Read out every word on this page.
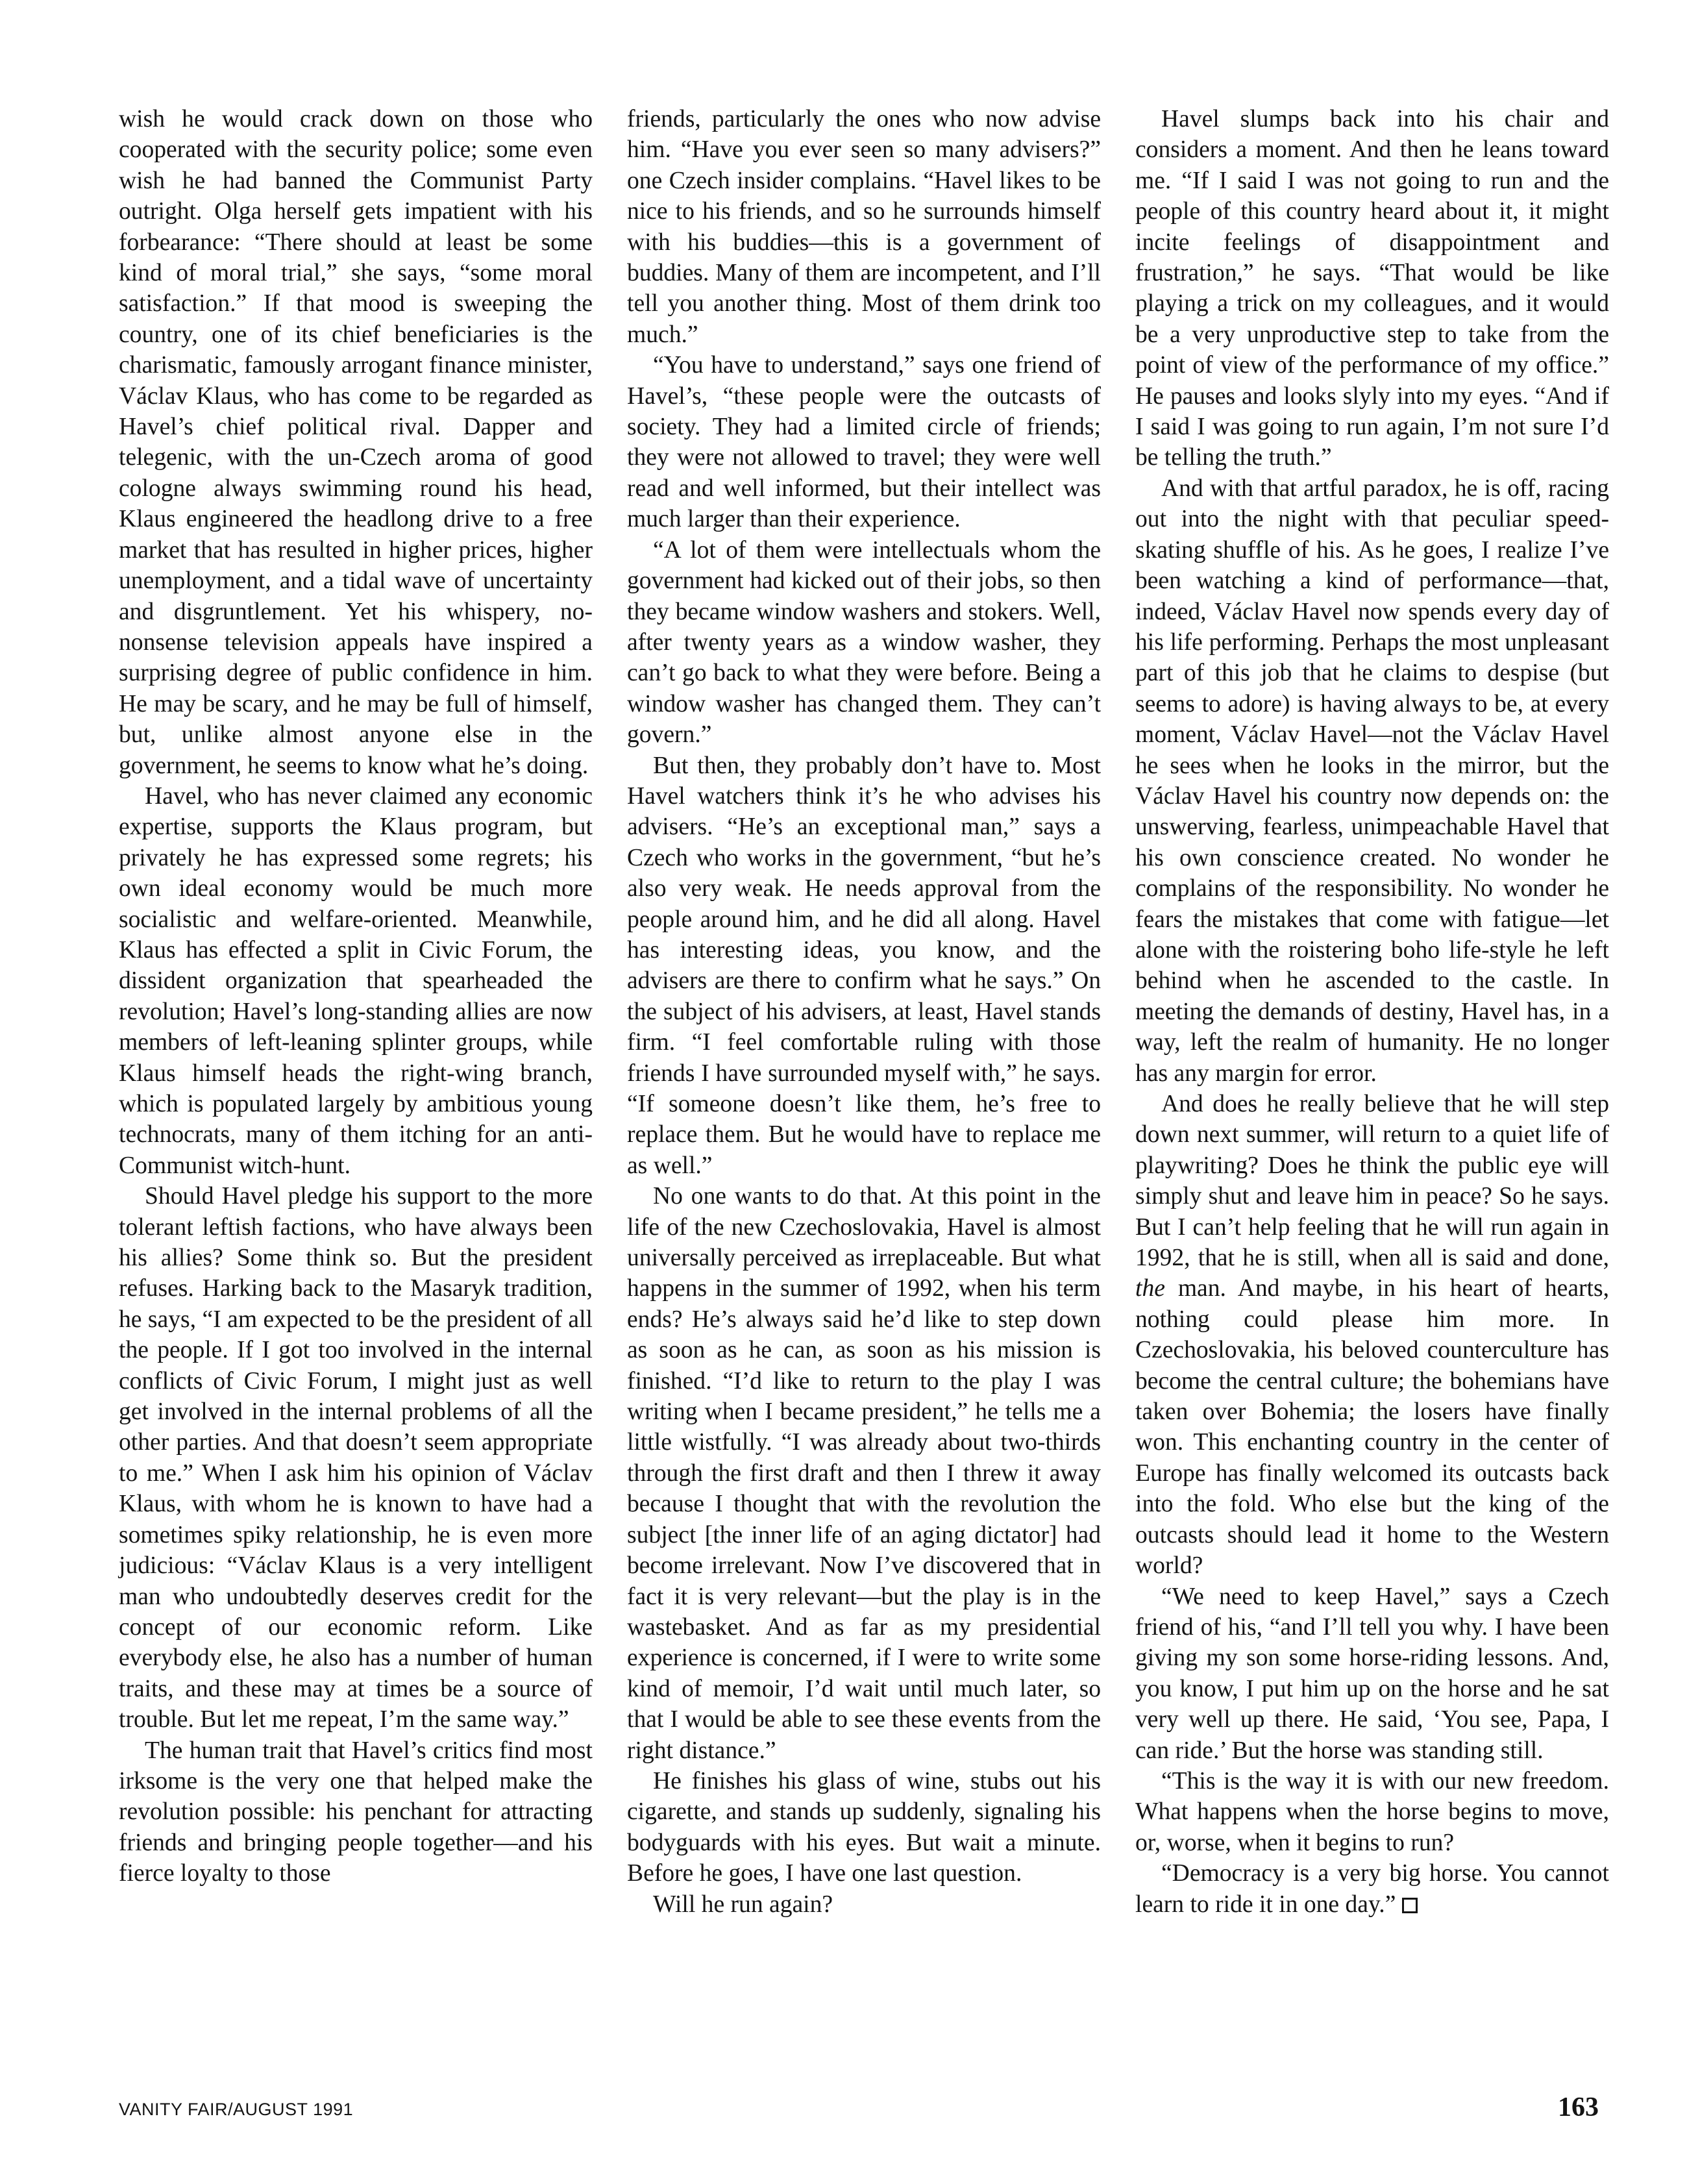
wish he would crack down on those who cooperated with the security police; some even wish he had banned the Communist Party outright. Olga herself gets impatient with his forbearance: “There should at least be some kind of moral trial,” she says, “some moral satisfaction.” If that mood is sweeping the country, one of its chief beneficiaries is the charismatic, famously arrogant finance minister, Václav Klaus, who has come to be regarded as Havel’s chief political rival. Dapper and telegenic, with the un-Czech aroma of good cologne always swimming round his head, Klaus engineered the headlong drive to a free market that has resulted in higher prices, higher unemployment, and a tidal wave of uncertainty and disgruntlement. Yet his whispery, no-nonsense television appeals have inspired a surprising degree of public confidence in him. He may be scary, and he may be full of himself, but, unlike almost anyone else in the government, he seems to know what he’s doing.

Havel, who has never claimed any economic expertise, supports the Klaus program, but privately he has expressed some regrets; his own ideal economy would be much more socialistic and welfare-oriented. Meanwhile, Klaus has effected a split in Civic Forum, the dissident organization that spearheaded the revolution; Havel’s long-standing allies are now members of left-leaning splinter groups, while Klaus himself heads the right-wing branch, which is populated largely by ambitious young technocrats, many of them itching for an anti-Communist witch-hunt.

Should Havel pledge his support to the more tolerant leftish factions, who have always been his allies? Some think so. But the president refuses. Harking back to the Masaryk tradition, he says, “I am expected to be the president of all the people. If I got too involved in the internal conflicts of Civic Forum, I might just as well get involved in the internal problems of all the other parties. And that doesn’t seem appropriate to me.” When I ask him his opinion of Václav Klaus, with whom he is known to have had a sometimes spiky relationship, he is even more judicious: “Václav Klaus is a very intelligent man who undoubtedly deserves credit for the concept of our economic reform. Like everybody else, he also has a number of human traits, and these may at times be a source of trouble. But let me repeat, I’m the same way.”

The human trait that Havel’s critics find most irksome is the very one that helped make the revolution possible: his penchant for attracting friends and bringing people together—and his fierce loyalty to those

friends, particularly the ones who now advise him. “Have you ever seen so many advisers?” one Czech insider complains. “Havel likes to be nice to his friends, and so he surrounds himself with his buddies—this is a government of buddies. Many of them are incompetent, and I’ll tell you another thing. Most of them drink too much.”

“You have to understand,” says one friend of Havel’s, “these people were the outcasts of society. They had a limited circle of friends; they were not allowed to travel; they were well read and well informed, but their intellect was much larger than their experience.

“A lot of them were intellectuals whom the government had kicked out of their jobs, so then they became window washers and stokers. Well, after twenty years as a window washer, they can’t go back to what they were before. Being a window washer has changed them. They can’t govern.”

But then, they probably don’t have to. Most Havel watchers think it’s he who advises his advisers. “He’s an exceptional man,” says a Czech who works in the government, “but he’s also very weak. He needs approval from the people around him, and he did all along. Havel has interesting ideas, you know, and the advisers are there to confirm what he says.” On the subject of his advisers, at least, Havel stands firm. “I feel comfortable ruling with those friends I have surrounded myself with,” he says. “If someone doesn’t like them, he’s free to replace them. But he would have to replace me as well.”

No one wants to do that. At this point in the life of the new Czechoslovakia, Havel is almost universally perceived as irreplaceable. But what happens in the summer of 1992, when his term ends? He’s always said he’d like to step down as soon as he can, as soon as his mission is finished. “I’d like to return to the play I was writing when I became president,” he tells me a little wistfully. “I was already about two-thirds through the first draft and then I threw it away because I thought that with the revolution the subject [the inner life of an aging dictator] had become irrelevant. Now I’ve discovered that in fact it is very relevant—but the play is in the wastebasket. And as far as my presidential experience is concerned, if I were to write some kind of memoir, I’d wait until much later, so that I would be able to see these events from the right distance.”

He finishes his glass of wine, stubs out his cigarette, and stands up suddenly, signaling his bodyguards with his eyes. But wait a minute. Before he goes, I have one last question.

Will he run again?

Havel slumps back into his chair and considers a moment. And then he leans toward me. “If I said I was not going to run and the people of this country heard about it, it might incite feelings of disappointment and frustration,” he says. “That would be like playing a trick on my colleagues, and it would be a very unproductive step to take from the point of view of the performance of my office.” He pauses and looks slyly into my eyes. “And if I said I was going to run again, I’m not sure I’d be telling the truth.”

And with that artful paradox, he is off, racing out into the night with that peculiar speed-skating shuffle of his. As he goes, I realize I’ve been watching a kind of performance—that, indeed, Václav Havel now spends every day of his life performing. Perhaps the most unpleasant part of this job that he claims to despise (but seems to adore) is having always to be, at every moment, Václav Havel—not the Václav Havel he sees when he looks in the mirror, but the Václav Havel his country now depends on: the unswerving, fearless, unimpeachable Havel that his own conscience created. No wonder he complains of the responsibility. No wonder he fears the mistakes that come with fatigue—let alone with the roistering boho life-style he left behind when he ascended to the castle. In meeting the demands of destiny, Havel has, in a way, left the realm of humanity. He no longer has any margin for error.

And does he really believe that he will step down next summer, will return to a quiet life of playwriting? Does he think the public eye will simply shut and leave him in peace? So he says. But I can’t help feeling that he will run again in 1992, that he is still, when all is said and done, the man. And maybe, in his heart of hearts, nothing could please him more. In Czechoslovakia, his beloved counterculture has become the central culture; the bohemians have taken over Bohemia; the losers have finally won. This enchanting country in the center of Europe has finally welcomed its outcasts back into the fold. Who else but the king of the outcasts should lead it home to the Western world?

“We need to keep Havel,” says a Czech friend of his, “and I’ll tell you why. I have been giving my son some horse-riding lessons. And, you know, I put him up on the horse and he sat very well up there. He said, ‘You see, Papa, I can ride.’ But the horse was standing still.

“This is the way it is with our new freedom. What happens when the horse begins to move, or, worse, when it begins to run?

“Democracy is a very big horse. You cannot learn to ride it in one day.”

VANITY FAIR/AUGUST 1991	163
